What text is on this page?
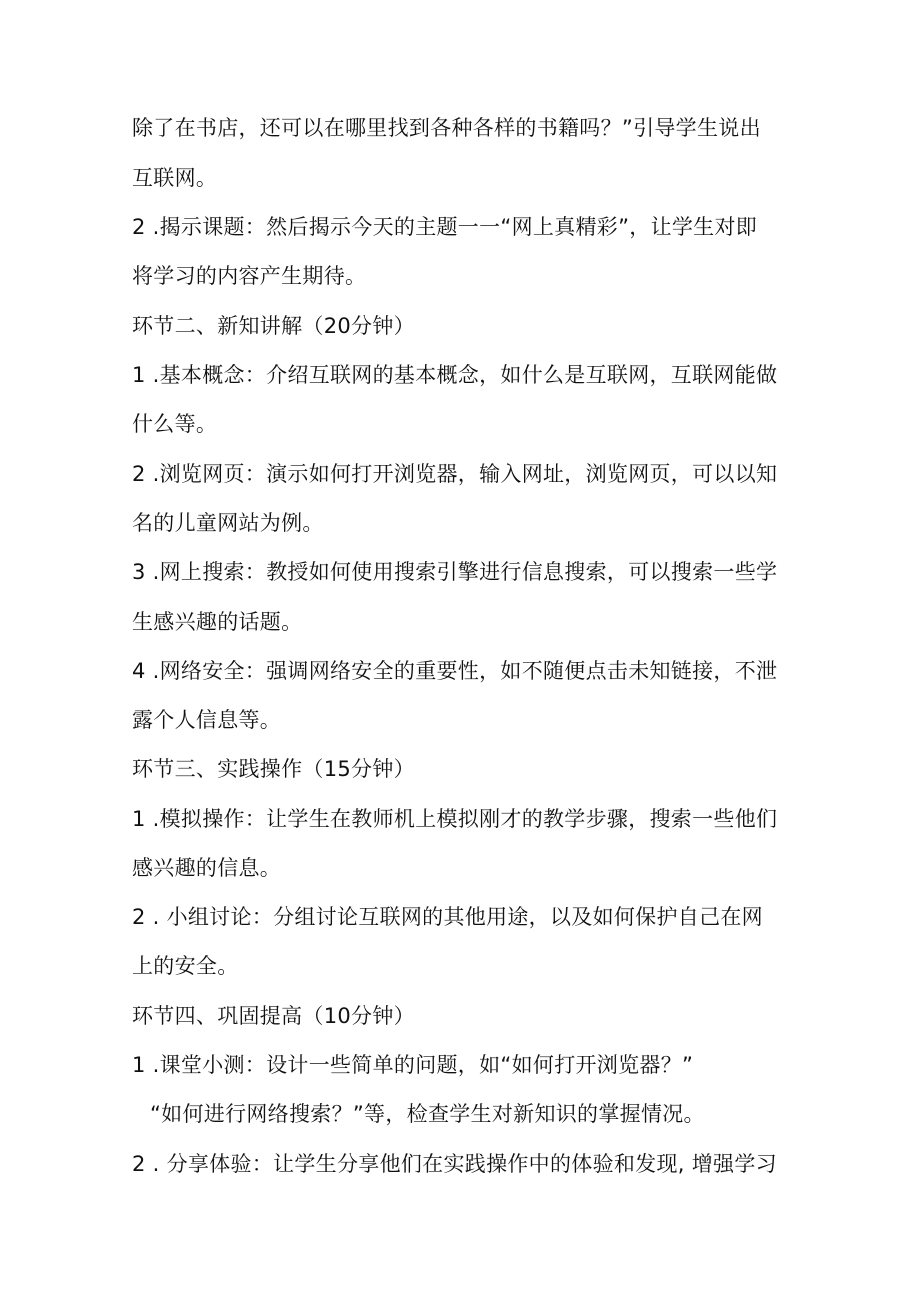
除了在书店，还可以在哪里找到各种各样的书籍吗？”引导学生说出
互联网。
2 .揭示课题：然后揭示今天的主题一一“网上真精彩”，让学生对即
将学习的内容产生期待。
环节二、新知讲解（20分钟）
1 .基本概念：介绍互联网的基本概念，如什么是互联网，互联网能做
什么等。
2 .浏览网页：演示如何打开浏览器，输入网址，浏览网页，可以以知
名的儿童网站为例。
3 .网上搜索：教授如何使用搜索引擎进行信息搜索，可以搜索一些学
生感兴趣的话题。
4 .网络安全：强调网络安全的重要性，如不随便点击未知链接，不泄
露个人信息等。
环节三、实践操作（15分钟）
1 .模拟操作：让学生在教师机上模拟刚才的教学步骤，搜索一些他们
感兴趣的信息。
2 . 小组讨论：分组讨论互联网的其他用途，以及如何保护自己在网
上的安全。
环节四、巩固提高（10分钟）
1 .课堂小测：设计一些简单的问题，如“如何打开浏览器？”
“如何进行网络搜索？”等，检查学生对新知识的掌握情况。
2 . 分享体验：让学生分享他们在实践操作中的体验和发现, 增强学习
